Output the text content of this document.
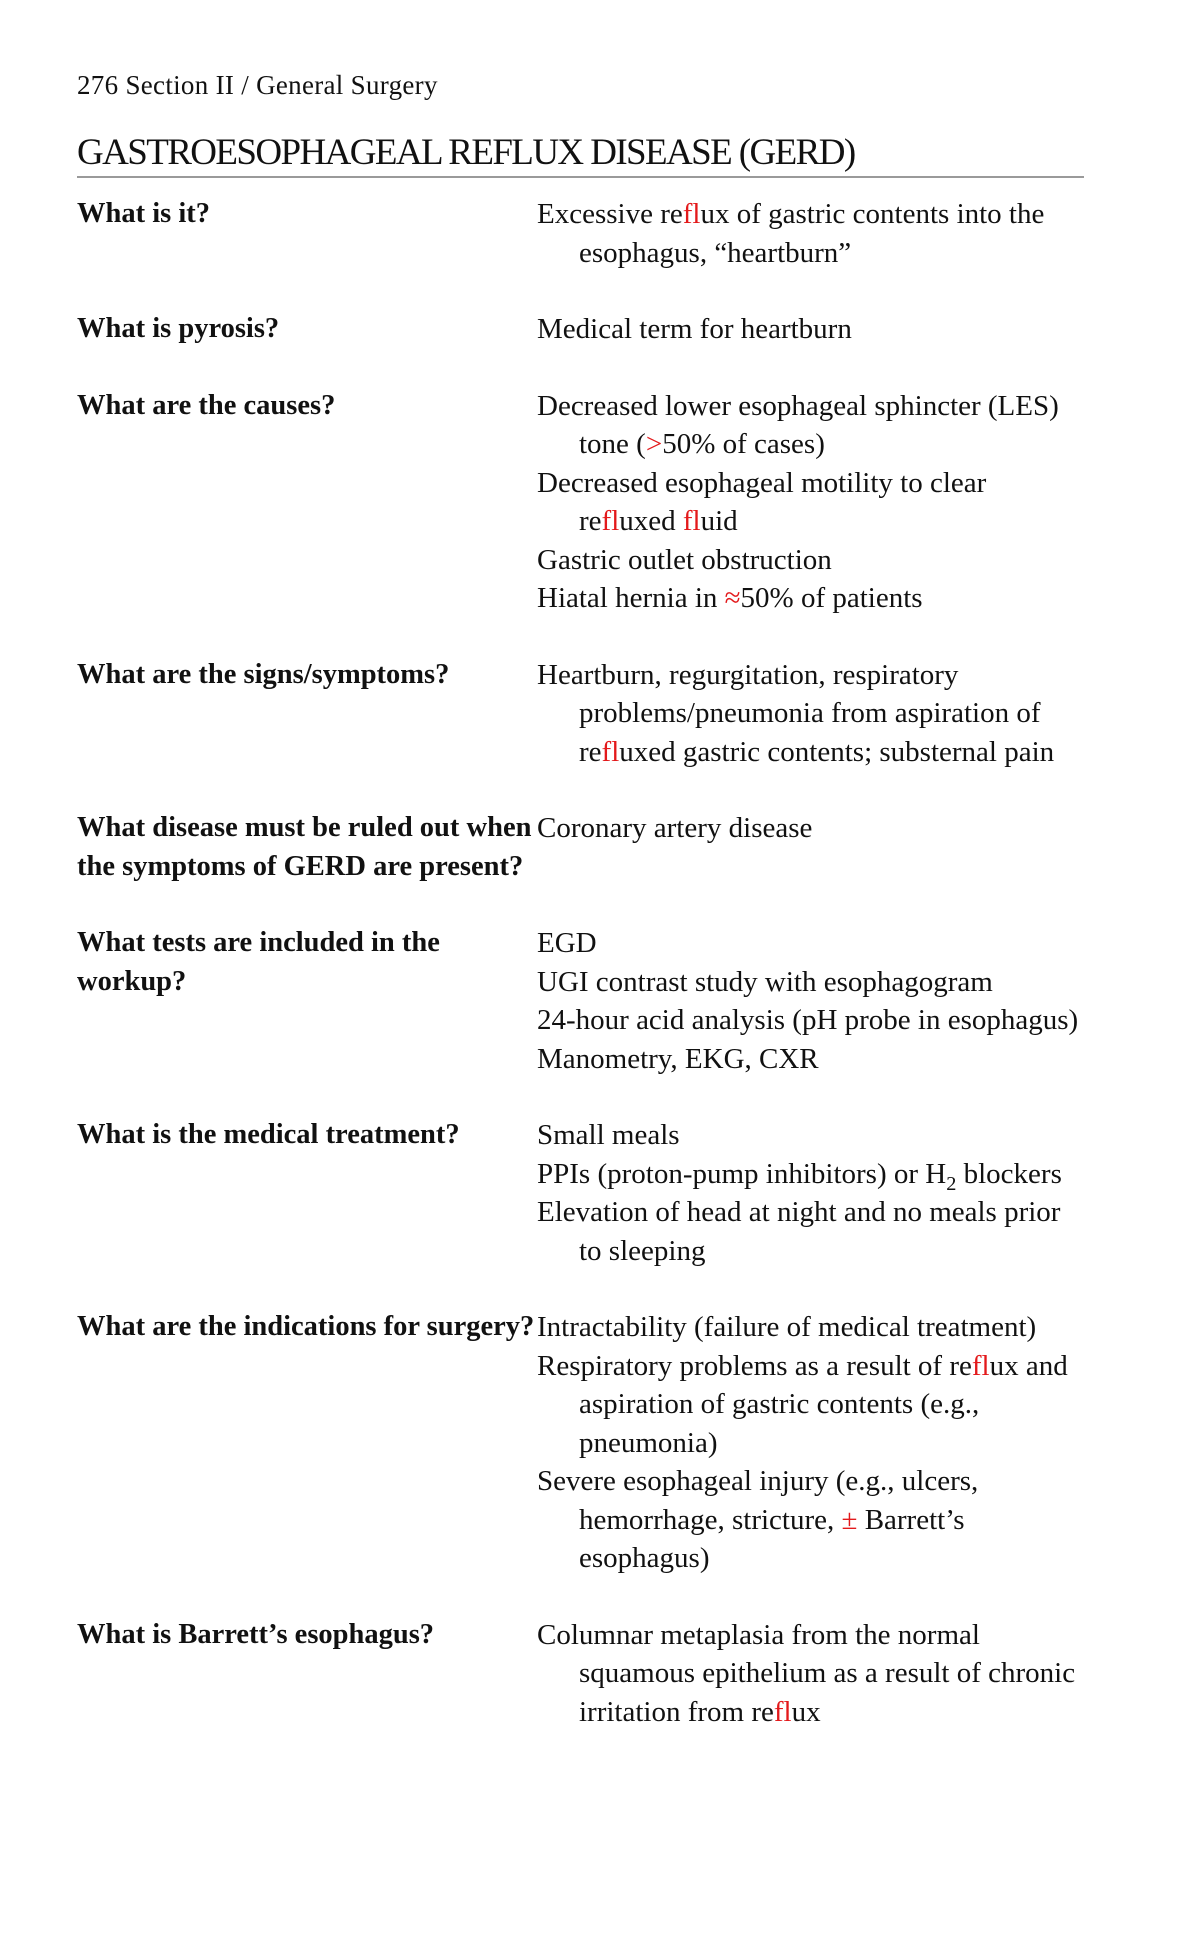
276 Section II / General Surgery
GASTROESOPHAGEAL REFLUX DISEASE (GERD)
What is it?	Excessive reflux of gastric contents into the esophagus, “heartburn”
What is pyrosis?	Medical term for heartburn
What are the causes?	Decreased lower esophageal sphincter (LES) tone (>50% of cases)
Decreased esophageal motility to clear refluxed fluid
Gastric outlet obstruction
Hiatal hernia in ≈50% of patients
What are the signs/symptoms?	Heartburn, regurgitation, respiratory problems/pneumonia from aspiration of refluxed gastric contents; substernal pain
What disease must be ruled out when the symptoms of GERD are present?
Coronary artery disease
What tests are included in the workup?
EGD
UGI contrast study with esophagogram
24-hour acid analysis (pH probe in esophagus)
Manometry, EKG, CXR
What is the medical treatment?	Small meals
PPIs (proton-pump inhibitors) or $H_2$ blockers
Elevation of head at night and no meals prior to sleeping
What are the indications for surgery? Intractability (failure of medical treatment)
Respiratory problems as a result of reflux and aspiration of gastric contents (e.g., pneumonia)
Severe esophageal injury (e.g., ulcers, hemorrhage, stricture, ± Barrett’s esophagus)
What is Barrett’s esophagus?	Columnar metaplasia from the normal squamous epithelium as a result of chronic irritation from reflux
